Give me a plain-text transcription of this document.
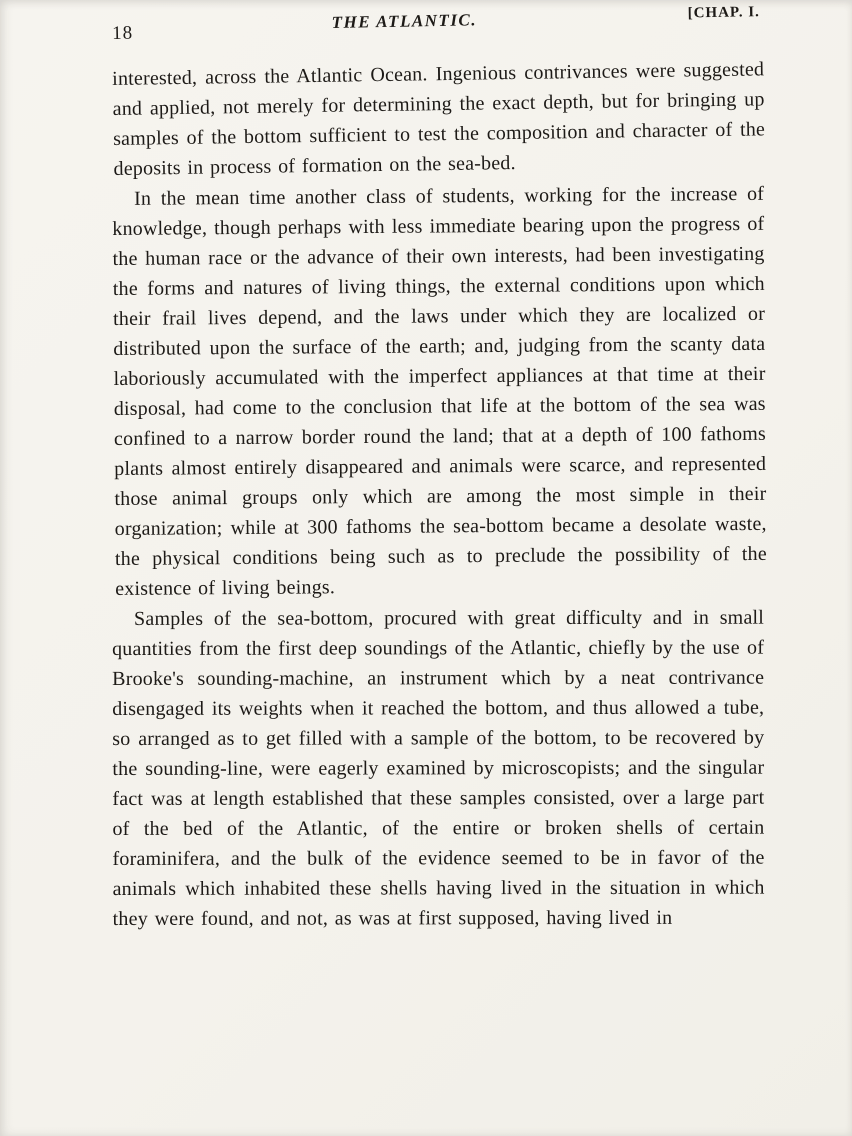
18
THE ATLANTIC.	[CHAP. I.

interested, across the Atlantic Ocean. Ingenious contrivances were suggested and applied, not merely for determining the exact depth, but for bringing up samples of the bottom sufficient to test the composition and character of the deposits in process of formation on the sea-bed.

In the mean time another class of students, working for the increase of knowledge, though perhaps with less immediate bearing upon the progress of the human race or the advance of their own interests, had been investigating the forms and natures of living things, the external conditions upon which their frail lives depend, and the laws under which they are localized or distributed upon the surface of the earth; and, judging from the scanty data laboriously accumulated with the imperfect appliances at that time at their disposal, had come to the conclusion that life at the bottom of the sea was confined to a narrow border round the land; that at a depth of 100 fathoms plants almost entirely disappeared and animals were scarce, and represented those animal groups only which are among the most simple in their organization; while at 300 fathoms the sea-bottom became a desolate waste, the physical conditions being such as to preclude the possibility of the existence of living beings.

Samples of the sea-bottom, procured with great difficulty and in small quantities from the first deep soundings of the Atlantic, chiefly by the use of Brooke's sounding-machine, an instrument which by a neat contrivance disengaged its weights when it reached the bottom, and thus allowed a tube, so arranged as to get filled with a sample of the bottom, to be recovered by the sounding-line, were eagerly examined by microscopists; and the singular fact was at length established that these samples consisted, over a large part of the bed of the Atlantic, of the entire or broken shells of certain foraminifera, and the bulk of the evidence seemed to be in favor of the animals which inhabited these shells having lived in the situation in which they were found, and not, as was at first supposed, having lived in
